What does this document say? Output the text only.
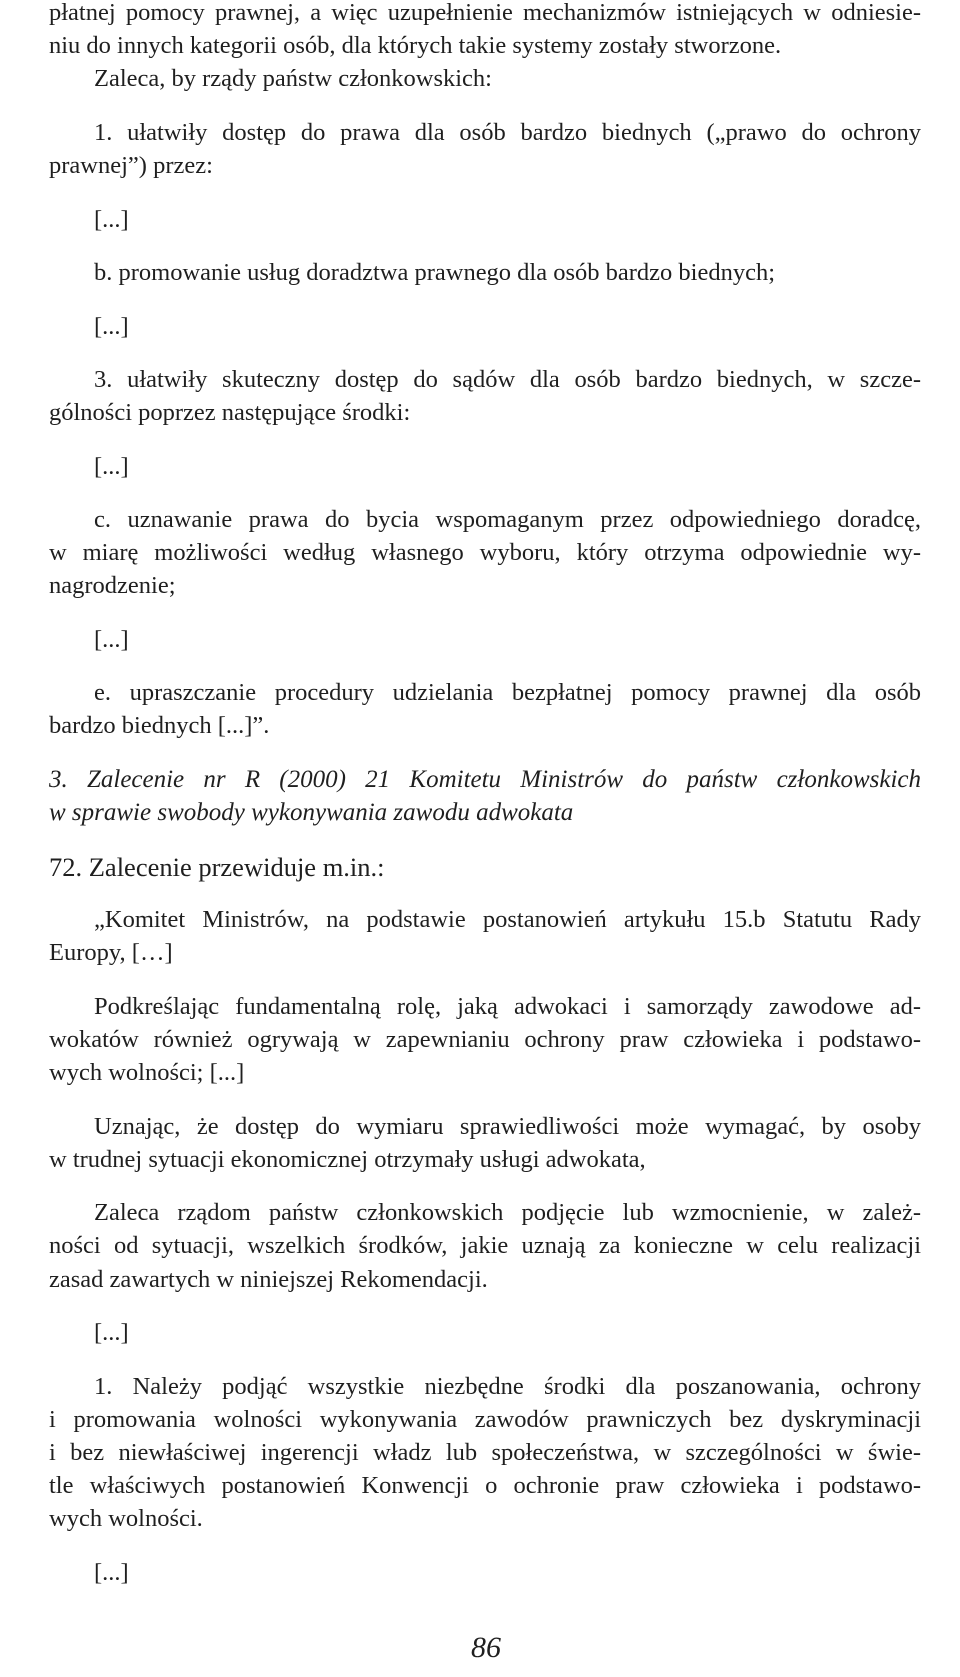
płatnej pomocy prawnej, a więc uzupełnienie mechanizmów istniejących w odniesie-
niu do innych kategorii osób, dla których takie systemy zostały stworzone.
Zaleca, by rządy państw członkowskich:
1. ułatwiły dostęp do prawa dla osób bardzo biednych („prawo do ochrony
prawnej”) przez:
[...]
b. promowanie usług doradztwa prawnego dla osób bardzo biednych;
[...]
3. ułatwiły skuteczny dostęp do sądów dla osób bardzo biednych, w szcze-
gólności poprzez następujące środki:
[...]
c. uznawanie prawa do bycia wspomaganym przez odpowiedniego doradcę,
w miarę możliwości według własnego wyboru, który otrzyma odpowiednie wy-
nagrodzenie;
[...]
e. upraszczanie procedury udzielania bezpłatnej pomocy prawnej dla osób
bardzo biednych [...]”.
3. Zalecenie nr R (2000) 21 Komitetu Ministrów do państw członkowskich
w sprawie swobody wykonywania zawodu adwokata
72. Zalecenie przewiduje m.in.:
„Komitet Ministrów, na podstawie postanowień artykułu 15.b Statutu Rady
Europy, […]
Podkreślając fundamentalną rolę, jaką adwokaci i samorządy zawodowe ad-
wokatów również ogrywają w zapewnianiu ochrony praw człowieka i podstawo-
wych wolności; [...]
Uznając, że dostęp do wymiaru sprawiedliwości może wymagać, by osoby
w trudnej sytuacji ekonomicznej otrzymały usługi adwokata,
Zaleca rządom państw członkowskich podjęcie lub wzmocnienie, w zależ-
ności od sytuacji, wszelkich środków, jakie uznają za konieczne w celu realizacji
zasad zawartych w niniejszej Rekomendacji.
[...]
1. Należy podjąć wszystkie niezbędne środki dla poszanowania, ochrony
i promowania wolności wykonywania zawodów prawniczych bez dyskryminacji
i bez niewłaściwej ingerencji władz lub społeczeństwa, w szczególności w świe-
tle właściwych postanowień Konwencji o ochronie praw człowieka i podstawo-
wych wolności.
[...]
86
